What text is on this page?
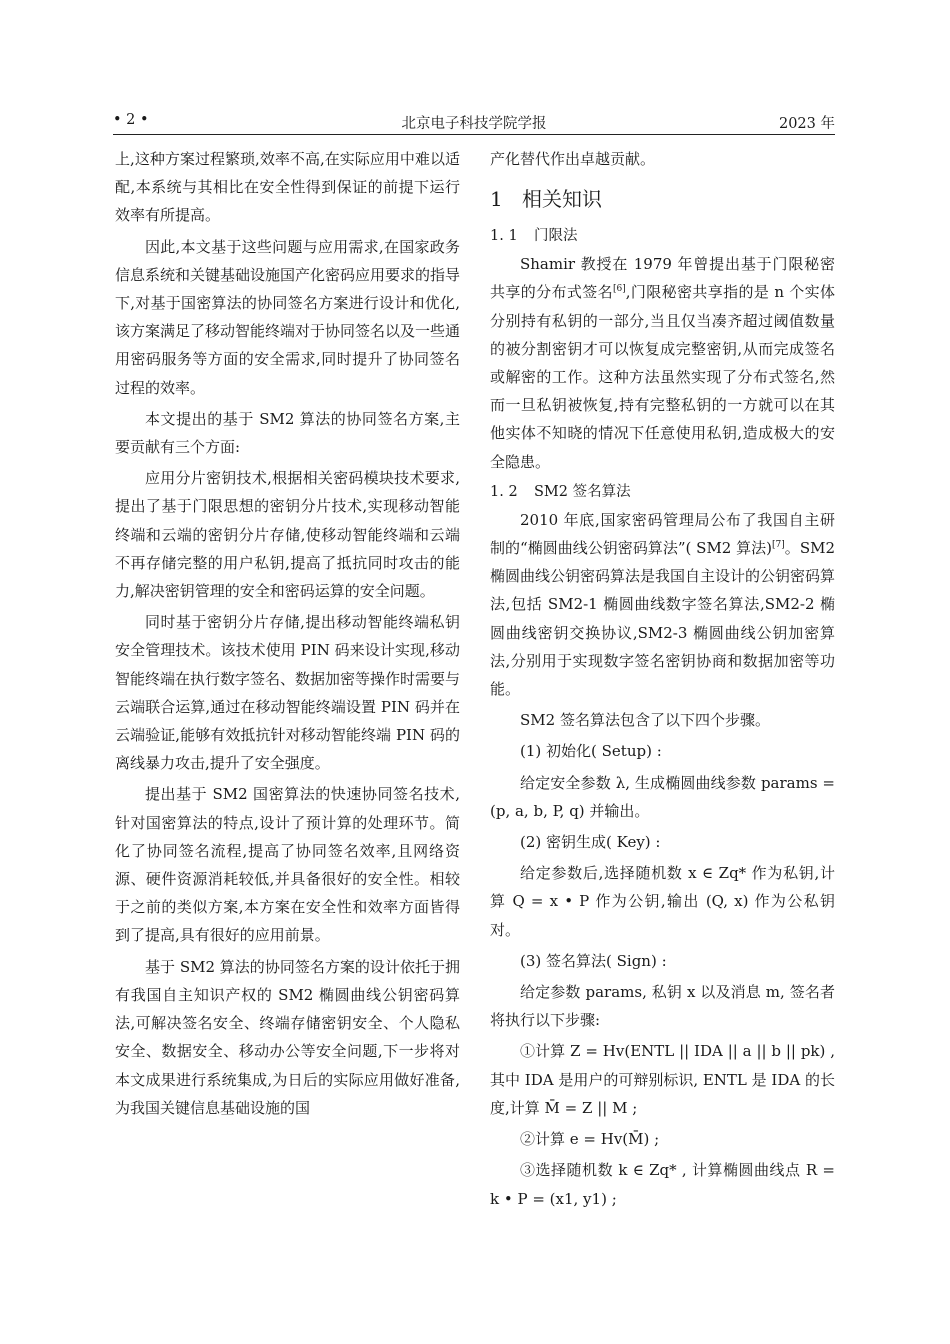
• 2 •	北京电子科技学院学报	2023 年

上,这种方案过程繁琐,效率不高,在实际应用中难以适配,本系统与其相比在安全性得到保证的前提下运行效率有所提高。

因此,本文基于这些问题与应用需求,在国家政务信息系统和关键基础设施国产化密码应用要求的指导下,对基于国密算法的协同签名方案进行设计和优化,该方案满足了移动智能终端对于协同签名以及一些通用密码服务等方面的安全需求,同时提升了协同签名过程的效率。

本文提出的基于 SM2 算法的协同签名方案,主要贡献有三个方面:

应用分片密钥技术,根据相关密码模块技术要求,提出了基于门限思想的密钥分片技术,实现移动智能终端和云端的密钥分片存储,使移动智能终端和云端不再存储完整的用户私钥,提高了抵抗同时攻击的能力,解决密钥管理的安全和密码运算的安全问题。

同时基于密钥分片存储,提出移动智能终端私钥安全管理技术。该技术使用 PIN 码来设计实现,移动智能终端在执行数字签名、数据加密等操作时需要与云端联合运算,通过在移动智能终端设置 PIN 码并在云端验证,能够有效抵抗针对移动智能终端 PIN 码的离线暴力攻击,提升了安全强度。

提出基于 SM2 国密算法的快速协同签名技术,针对国密算法的特点,设计了预计算的处理环节。简化了协同签名流程,提高了协同签名效率,且网络资源、硬件资源消耗较低,并具备很好的安全性。相较于之前的类似方案,本方案在安全性和效率方面皆得到了提高,具有很好的应用前景。

基于 SM2 算法的协同签名方案的设计依托于拥有我国自主知识产权的 SM2 椭圆曲线公钥密码算法,可解决签名安全、终端存储密钥安全、个人隐私安全、数据安全、移动办公等安全问题,下一步将对本文成果进行系统集成,为日后的实际应用做好准备,为我国关键信息基础设施的国

产化替代作出卓越贡献。

1 相关知识
1. 1 门限法

Shamir 教授在 1979 年曾提出基于门限秘密共享的分布式签名[6],门限秘密共享指的是 n 个实体分别持有私钥的一部分,当且仅当凑齐超过阈值数量的被分割密钥才可以恢复成完整密钥,从而完成签名或解密的工作。这种方法虽然实现了分布式签名,然而一旦私钥被恢复,持有完整私钥的一方就可以在其他实体不知晓的情况下任意使用私钥,造成极大的安全隐患。

1. 2 SM2 签名算法

2010 年底,国家密码管理局公布了我国自主研制的“椭圆曲线公钥密码算法”( SM2 算法)[7]。SM2 椭圆曲线公钥密码算法是我国自主设计的公钥密码算法,包括 SM2-1 椭圆曲线数字签名算法,SM2-2 椭圆曲线密钥交换协议,SM2-3 椭圆曲线公钥加密算法,分别用于实现数字签名密钥协商和数据加密等功能。

SM2 签名算法包含了以下四个步骤。

(1) 初始化( Setup) :

给定安全参数 λ, 生成椭圆曲线参数 params = (p, a, b, P, q) 并输出。

(2) 密钥生成( Key) :

给定参数后,选择随机数 x ∈ Zq* 作为私钥,计算 Q = x • P 作为公钥,输出 (Q, x) 作为公私钥对。

(3) 签名算法( Sign) :

给定参数 params, 私钥 x 以及消息 m, 签名者将执行以下步骤:

①计算 Z = Hv(ENTL || IDA || a || b || pk) ,其中 IDA 是用户的可辩别标识, ENTL 是 IDA 的长度,计算 M̄ = Z || M ;

②计算 e = Hv(M̄) ;

③选择随机数 k ∈ Zq* , 计算椭圆曲线点 R = k • P = (x1, y1) ;
